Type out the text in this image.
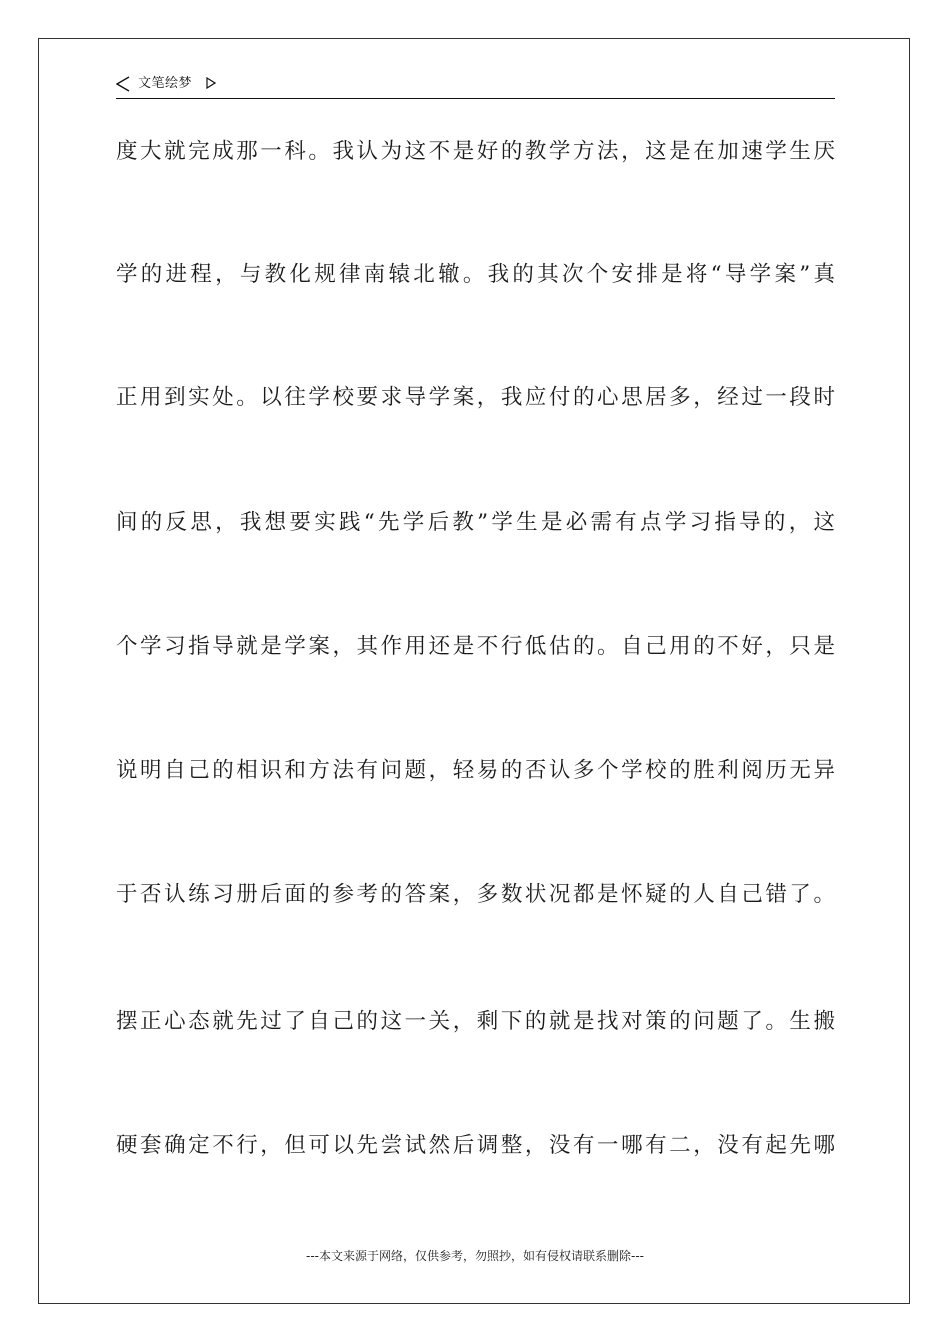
文笔绘梦
度大就完成那一科。我认为这不是好的教学方法，这是在加速学生厌
学的进程，与教化规律南辕北辙。我的其次个安排是将“导学案”真
正用到实处。以往学校要求导学案，我应付的心思居多，经过一段时
间的反思，我想要实践“先学后教”学生是必需有点学习指导的，这
个学习指导就是学案，其作用还是不行低估的。自己用的不好，只是
说明自己的相识和方法有问题，轻易的否认多个学校的胜利阅历无异
于否认练习册后面的参考的答案，多数状况都是怀疑的人自己错了。
摆正心态就先过了自己的这一关，剩下的就是找对策的问题了。生搬
硬套确定不行，但可以先尝试然后调整，没有一哪有二，没有起先哪
---本文来源于网络，仅供参考，勿照抄，如有侵权请联系删除---
